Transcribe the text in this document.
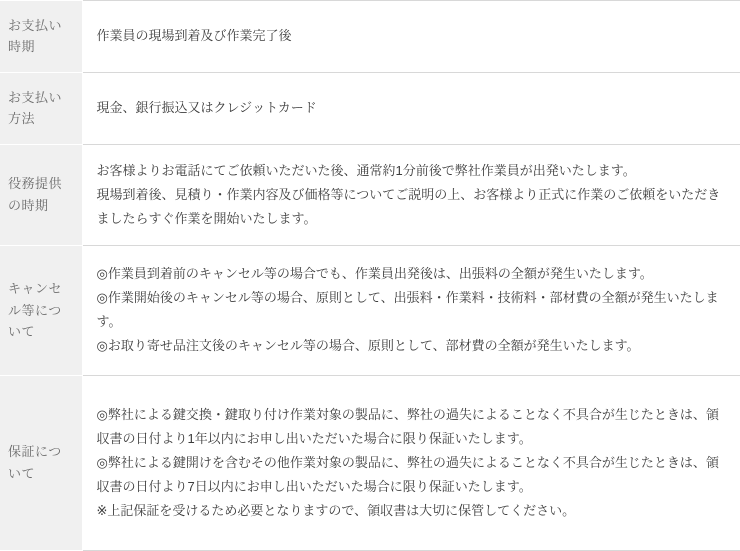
お支払い時期	作業員の現場到着及び作業完了後

お支払い方法	現金、銀行振込又はクレジットカード

役務提供の時期	お客様よりお電話にてご依頼いただいた後、通常約1分前後で弊社作業員が出発いたします。
現場到着後、見積り・作業内容及び価格等についてご説明の上、お客様より正式に作業のご依頼をいただきましたらすぐ作業を開始いたします。

キャンセル等について	◎作業員到着前のキャンセル等の場合でも、作業員出発後は、出張料の全額が発生いたします。
◎作業開始後のキャンセル等の場合、原則として、出張料・作業料・技術料・部材費の全額が発生いたします。
◎お取り寄せ品注文後のキャンセル等の場合、原則として、部材費の全額が発生いたします。

保証について	◎弊社による鍵交換・鍵取り付け作業対象の製品に、弊社の過失によることなく不具合が生じたときは、領収書の日付より1年以内にお申し出いただいた場合に限り保証いたします。
◎弊社による鍵開けを含むその他作業対象の製品に、弊社の過失によることなく不具合が生じたときは、領収書の日付より7日以内にお申し出いただいた場合に限り保証いたします。
※上記保証を受けるため必要となりますので、領収書は大切に保管してください。
